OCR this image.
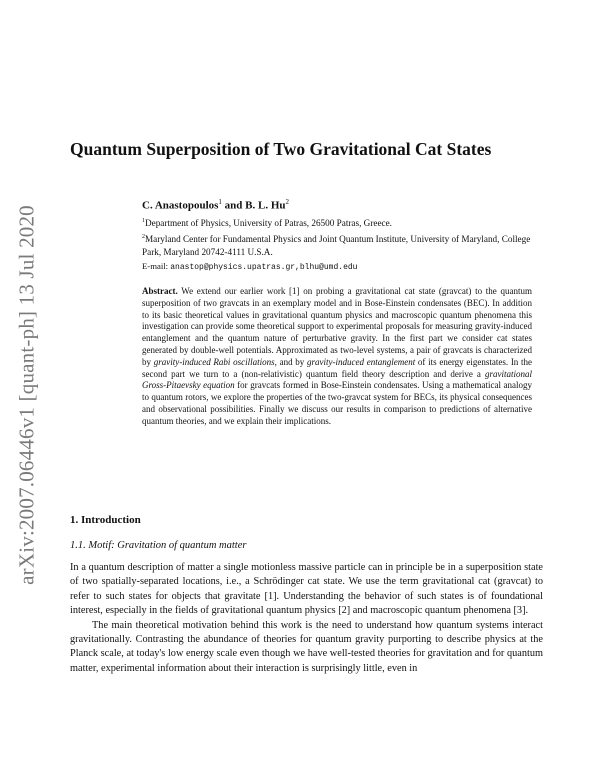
arXiv:2007.06446v1 [quant-ph] 13 Jul 2020
Quantum Superposition of Two Gravitational Cat States
C. Anastopoulos$^1$ and B. L. Hu$^2$
$^1$Department of Physics, University of Patras, 26500 Patras, Greece.
$^2$Maryland Center for Fundamental Physics and Joint Quantum Institute, University of Maryland, College Park, Maryland 20742-4111 U.S.A.
E-mail: anastop@physics.upatras.gr,blhu@umd.edu

Abstract. We extend our earlier work [1] on probing a gravitational cat state (gravcat) to the quantum superposition of two gravcats in an exemplary model and in Bose-Einstein condensates (BEC). In addition to its basic theoretical values in gravitational quantum physics and macroscopic quantum phenomena this investigation can provide some theoretical support to experimental proposals for measuring gravity-induced entanglement and the quantum nature of perturbative gravity. In the first part we consider cat states generated by double-well potentials. Approximated as two-level systems, a pair of gravcats is characterized by gravity-induced Rabi oscillations, and by gravity-induced entanglement of its energy eigenstates. In the second part we turn to a (non-relativistic) quantum field theory description and derive a gravitational Gross-Pitaevsky equation for gravcats formed in Bose-Einstein condensates. Using a mathematical analogy to quantum rotors, we explore the properties of the two-gravcat system for BECs, its physical consequences and observational possibilities. Finally we discuss our results in comparison to predictions of alternative quantum theories, and we explain their implications.

1. Introduction
1.1. Motif: Gravitation of quantum matter

In a quantum description of matter a single motionless massive particle can in principle be in a superposition state of two spatially-separated locations, i.e., a Schrödinger cat state. We use the term gravitational cat (gravcat) to refer to such states for objects that gravitate [1]. Understanding the behavior of such states is of foundational interest, especially in the fields of gravitational quantum physics [2] and macroscopic quantum phenomena [3].

The main theoretical motivation behind this work is the need to understand how quantum systems interact gravitationally. Contrasting the abundance of theories for quantum gravity purporting to describe physics at the Planck scale, at today's low energy scale even though we have well-tested theories for gravitation and for quantum matter, experimental information about their interaction is surprisingly little, even in
